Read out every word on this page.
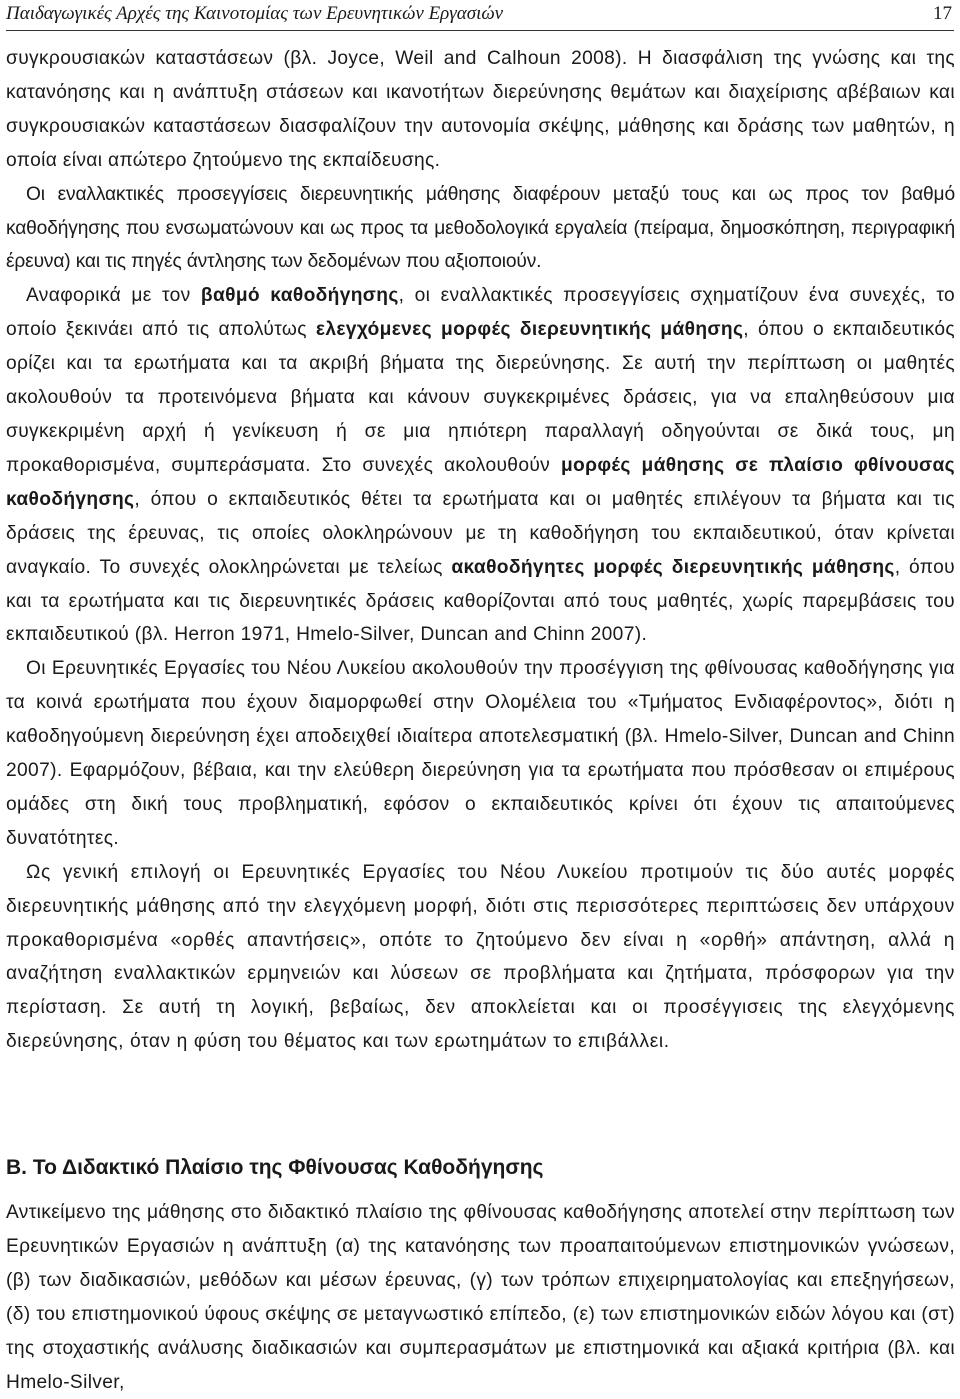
Παιδαγωγικές Αρχές της Καινοτομίας των Ερευνητικών Εργασιών	17

συγκρουσιακών καταστάσεων (βλ. Joyce, Weil and Calhoun 2008). Η διασφάλιση της γνώσης και της κατανόησης και η ανάπτυξη στάσεων και ικανοτήτων διερεύνησης θεμάτων και διαχείρισης αβέβαιων και συγκρουσιακών καταστάσεων διασφαλίζουν την αυτονομία σκέψης, μάθησης και δράσης των μαθητών, η οποία είναι απώτερο ζητούμενο της εκπαίδευσης.

Οι εναλλακτικές προσεγγίσεις διερευνητικής μάθησης διαφέρουν μεταξύ τους και ως προς τον βαθμό καθοδήγησης που ενσωματώνουν και ως προς τα μεθοδολογικά εργαλεία (πείραμα, δημοσκόπηση, περιγραφική έρευνα) και τις πηγές άντλησης των δεδομένων που αξιοποιούν.

Αναφορικά με τον βαθμό καθοδήγησης, οι εναλλακτικές προσεγγίσεις σχηματίζουν ένα συνεχές, το οποίο ξεκινάει από τις απολύτως ελεγχόμενες μορφές διερευνητικής μάθησης, όπου ο εκπαιδευτικός ορίζει και τα ερωτήματα και τα ακριβή βήματα της διερεύνησης. Σε αυτή την περίπτωση οι μαθητές ακολουθούν τα προτεινόμενα βήματα και κάνουν συγκεκριμένες δράσεις, για να επαληθεύσουν μια συγκεκριμένη αρχή ή γενίκευση ή σε μια ηπιότερη παραλλαγή οδηγούνται σε δικά τους, μη προκαθορισμένα, συμπεράσματα. Στο συνεχές ακολουθούν μορφές μάθησης σε πλαίσιο φθίνουσας καθοδήγησης, όπου ο εκπαιδευτικός θέτει τα ερωτήματα και οι μαθητές επιλέγουν τα βήματα και τις δράσεις της έρευνας, τις οποίες ολοκληρώνουν με τη καθοδήγηση του εκπαιδευτικού, όταν κρίνεται αναγκαίο. Το συνεχές ολοκληρώνεται με τελείως ακαθοδήγητες μορφές διερευνητικής μάθησης, όπου και τα ερωτήματα και τις διερευνητικές δράσεις καθορίζονται από τους μαθητές, χωρίς παρεμβάσεις του εκπαιδευτικού (βλ. Herron 1971, Hmelo-Silver, Duncan and Chinn 2007).

Οι Ερευνητικές Εργασίες του Νέου Λυκείου ακολουθούν την προσέγγιση της φθίνουσας καθοδήγησης για τα κοινά ερωτήματα που έχουν διαμορφωθεί στην Ολομέλεια του «Τμήματος Ενδιαφέροντος», διότι η καθοδηγούμενη διερεύνηση έχει αποδειχθεί ιδιαίτερα αποτελεσματική (βλ. Hmelo-Silver, Duncan and Chinn 2007). Εφαρμόζουν, βέβαια, και την ελεύθερη διερεύνηση για τα ερωτήματα που πρόσθεσαν οι επιμέρους ομάδες στη δική τους προβληματική, εφόσον ο εκπαιδευτικός κρίνει ότι έχουν τις απαιτούμενες δυνατότητες.

Ως γενική επιλογή οι Ερευνητικές Εργασίες του Νέου Λυκείου προτιμούν τις δύο αυτές μορφές διερευνητικής μάθησης από την ελεγχόμενη μορφή, διότι στις περισσότερες περιπτώσεις δεν υπάρχουν προκαθορισμένα «ορθές απαντήσεις», οπότε το ζητούμενο δεν είναι η «ορθή» απάντηση, αλλά η αναζήτηση εναλλακτικών ερμηνειών και λύσεων σε προβλήματα και ζητήματα, πρόσφορων για την περίσταση. Σε αυτή τη λογική, βεβαίως, δεν αποκλείεται και οι προσέγγισεις της ελεγχόμενης διερεύνησης, όταν η φύση του θέματος και των ερωτημάτων το επιβάλλει.

Β. Το Διδακτικό Πλαίσιο της Φθίνουσας Καθοδήγησης

Αντικείμενο της μάθησης στο διδακτικό πλαίσιο της φθίνουσας καθοδήγησης αποτελεί στην περίπτωση των Ερευνητικών Εργασιών η ανάπτυξη (α) της κατανόησης των προαπαιτούμενων επιστημονικών γνώσεων, (β) των διαδικασιών, μεθόδων και μέσων έρευνας, (γ) των τρόπων επιχειρηματολογίας και επεξηγήσεων, (δ) του επιστημονικού ύφους σκέψης σε μεταγνωστικό επίπεδο, (ε) των επιστημονικών ειδών λόγου και (στ) της στοχαστικής ανάλυσης διαδικασιών και συμπερασμάτων με επιστημονικά και αξιακά κριτήρια (βλ. και Hmelo-Silver,
